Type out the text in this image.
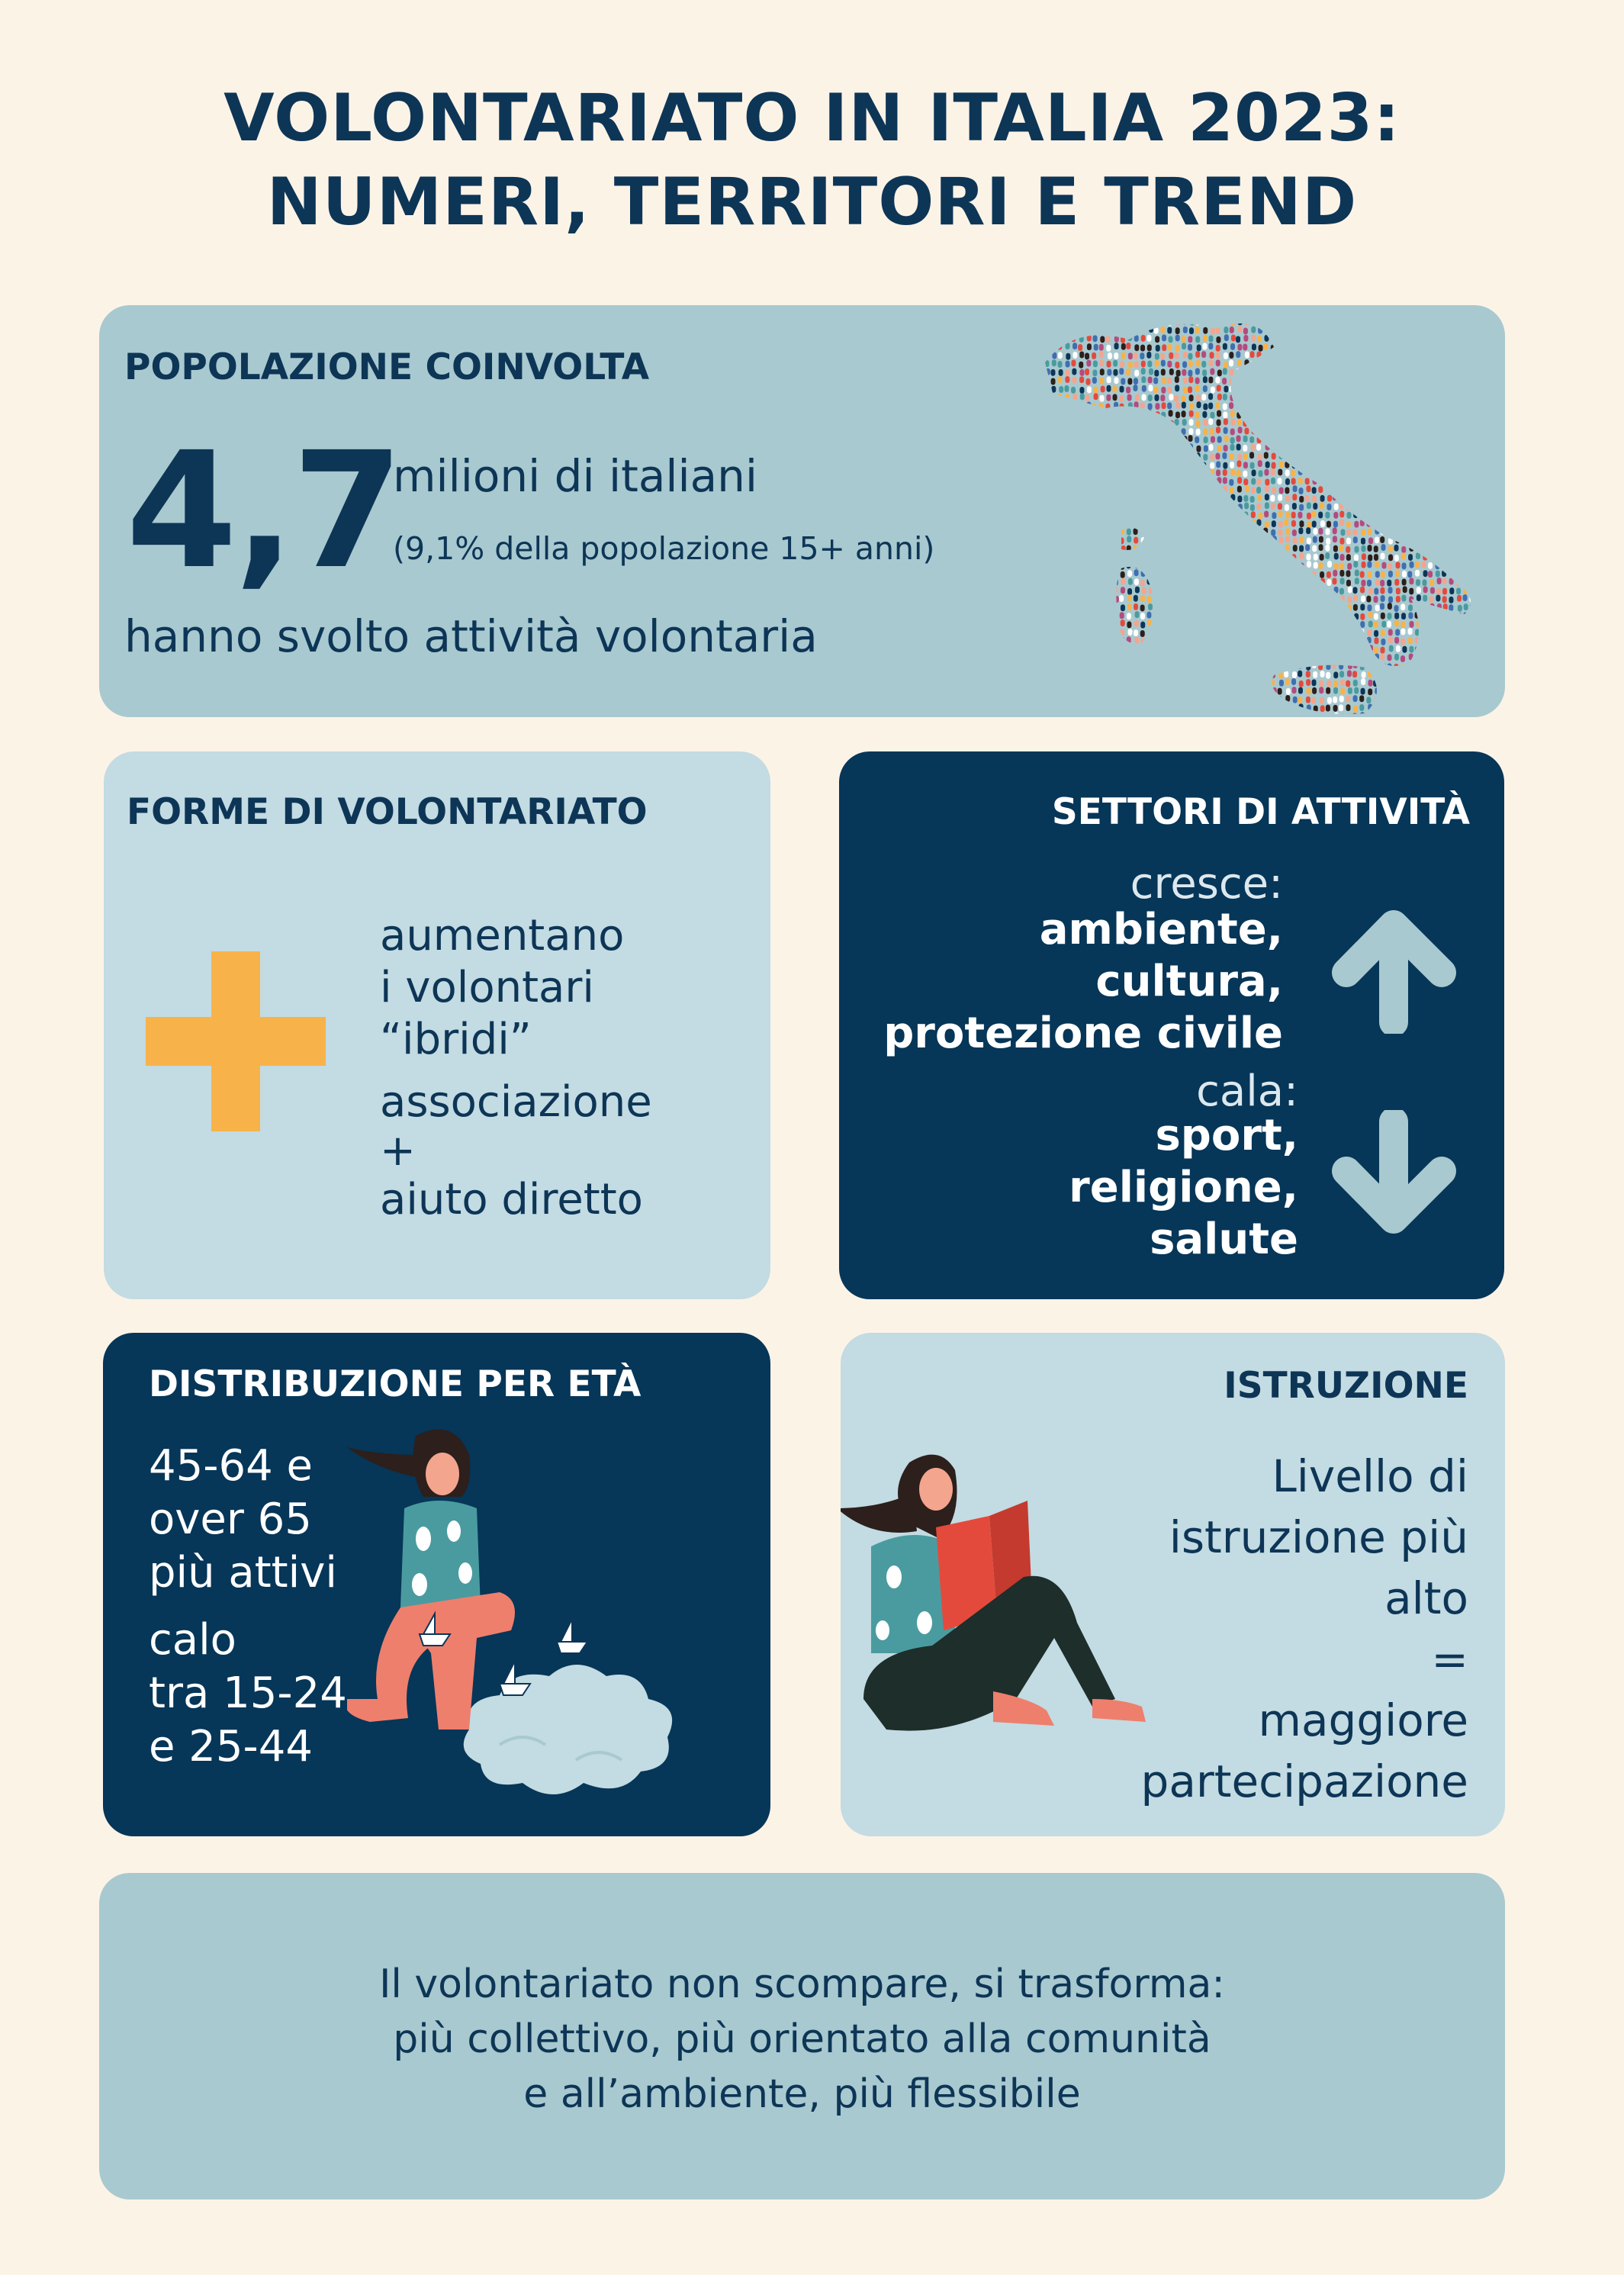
VOLONTARIATO IN ITALIA 2023:
NUMERI, TERRITORI E TREND
POPOLAZIONE COINVOLTA
4,7
milioni di italiani
(9,1% della popolazione 15+ anni)
hanno svolto attività volontaria
FORME DI VOLONTARIATO
aumentano
i volontari
“ibridi”
associazione
+
aiuto diretto
SETTORI DI ATTIVITÀ
cresce:
ambiente,
cultura,
protezione civile
cala:
sport,
religione,
salute
DISTRIBUZIONE PER ETÀ
45-64 e
over 65
più attivi
calo
tra 15-24
e 25-44
ISTRUZIONE
Livello di
istruzione più
alto
=
maggiore
partecipazione
Il volontariato non scompare, si trasforma:
più collettivo, più orientato alla comunità
e all’ambiente, più flessibile
